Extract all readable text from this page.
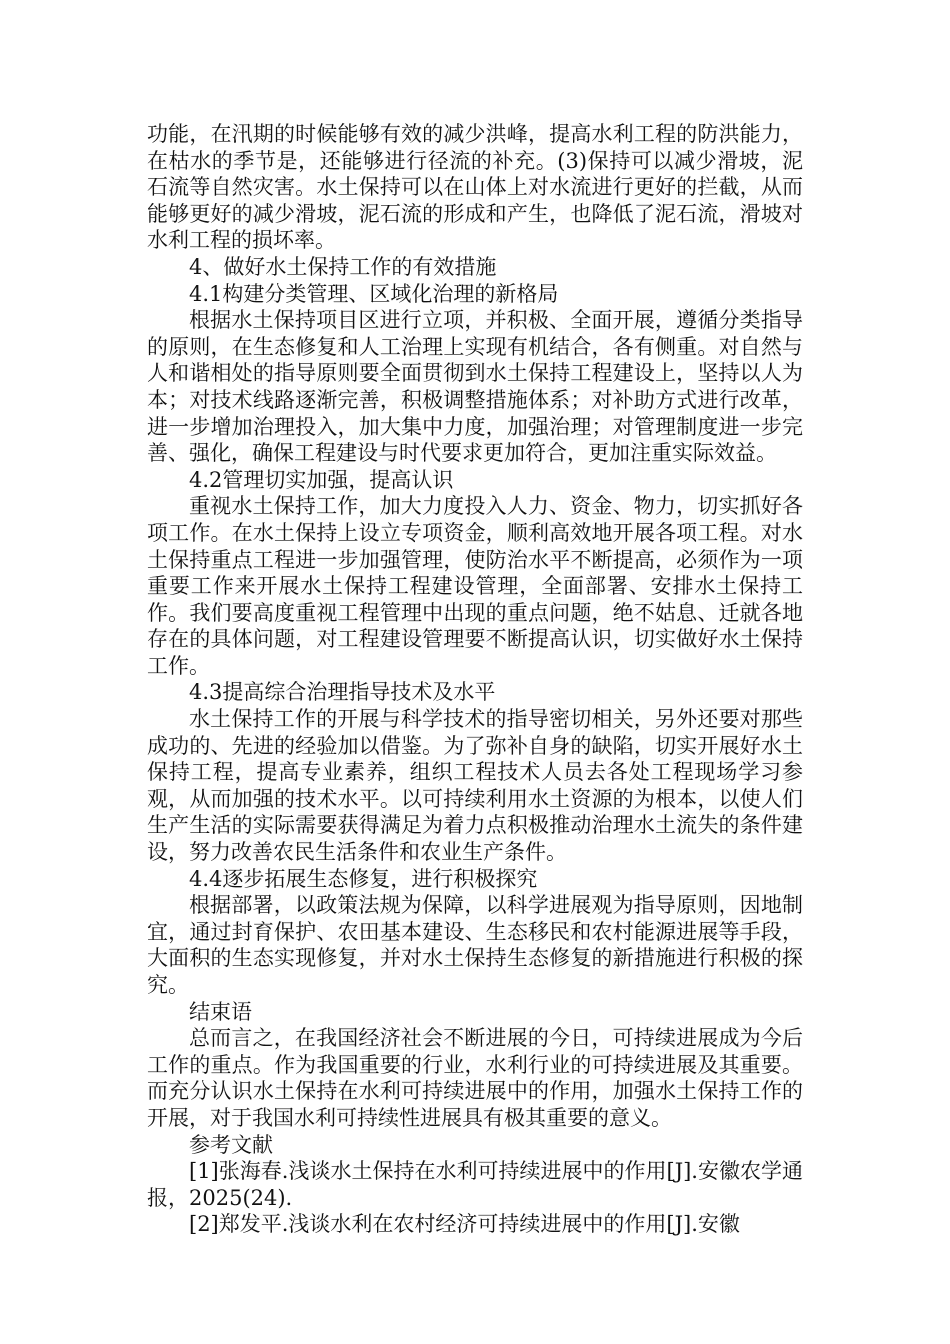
功能，在汛期的时候能够有效的减少洪峰，提高水利工程的防洪能力，在枯水的季节是，还能够进行径流的补充。(3)保持可以减少滑坡，泥石流等自然灾害。水土保持可以在山体上对水流进行更好的拦截，从而能够更好的减少滑坡，泥石流的形成和产生，也降低了泥石流，滑坡对水利工程的损坏率。

4、做好水土保持工作的有效措施

4.1构建分类管理、区域化治理的新格局

根据水土保持项目区进行立项，并积极、全面开展，遵循分类指导的原则，在生态修复和人工治理上实现有机结合，各有侧重。对自然与人和谐相处的指导原则要全面贯彻到水土保持工程建设上，坚持以人为本；对技术线路逐渐完善，积极调整措施体系；对补助方式进行改革，进一步增加治理投入，加大集中力度，加强治理；对管理制度进一步完善、强化，确保工程建设与时代要求更加符合，更加注重实际效益。

4.2管理切实加强，提高认识

重视水土保持工作，加大力度投入人力、资金、物力，切实抓好各项工作。在水土保持上设立专项资金，顺利高效地开展各项工程。对水土保持重点工程进一步加强管理，使防治水平不断提高，必须作为一项重要工作来开展水土保持工程建设管理，全面部署、安排水土保持工作。我们要高度重视工程管理中出现的重点问题，绝不姑息、迁就各地存在的具体问题，对工程建设管理要不断提高认识，切实做好水土保持工作。

4.3提高综合治理指导技术及水平

水土保持工作的开展与科学技术的指导密切相关，另外还要对那些成功的、先进的经验加以借鉴。为了弥补自身的缺陷，切实开展好水土保持工程，提高专业素养，组织工程技术人员去各处工程现场学习参观，从而加强的技术水平。以可持续利用水土资源的为根本，以使人们生产生活的实际需要获得满足为着力点积极推动治理水土流失的条件建设，努力改善农民生活条件和农业生产条件。

4.4逐步拓展生态修复，进行积极探究

根据部署，以政策法规为保障，以科学进展观为指导原则，因地制宜，通过封育保护、农田基本建设、生态移民和农村能源进展等手段，大面积的生态实现修复，并对水土保持生态修复的新措施进行积极的探究。

结束语

总而言之，在我国经济社会不断进展的今日，可持续进展成为今后工作的重点。作为我国重要的行业，水利行业的可持续进展及其重要。而充分认识水土保持在水利可持续进展中的作用，加强水土保持工作的开展，对于我国水利可持续性进展具有极其重要的意义。

参考文献

[1]张海春.浅谈水土保持在水利可持续进展中的作用[J].安徽农学通报，2025(24).

[2]郑发平.浅谈水利在农村经济可持续进展中的作用[J].安徽
